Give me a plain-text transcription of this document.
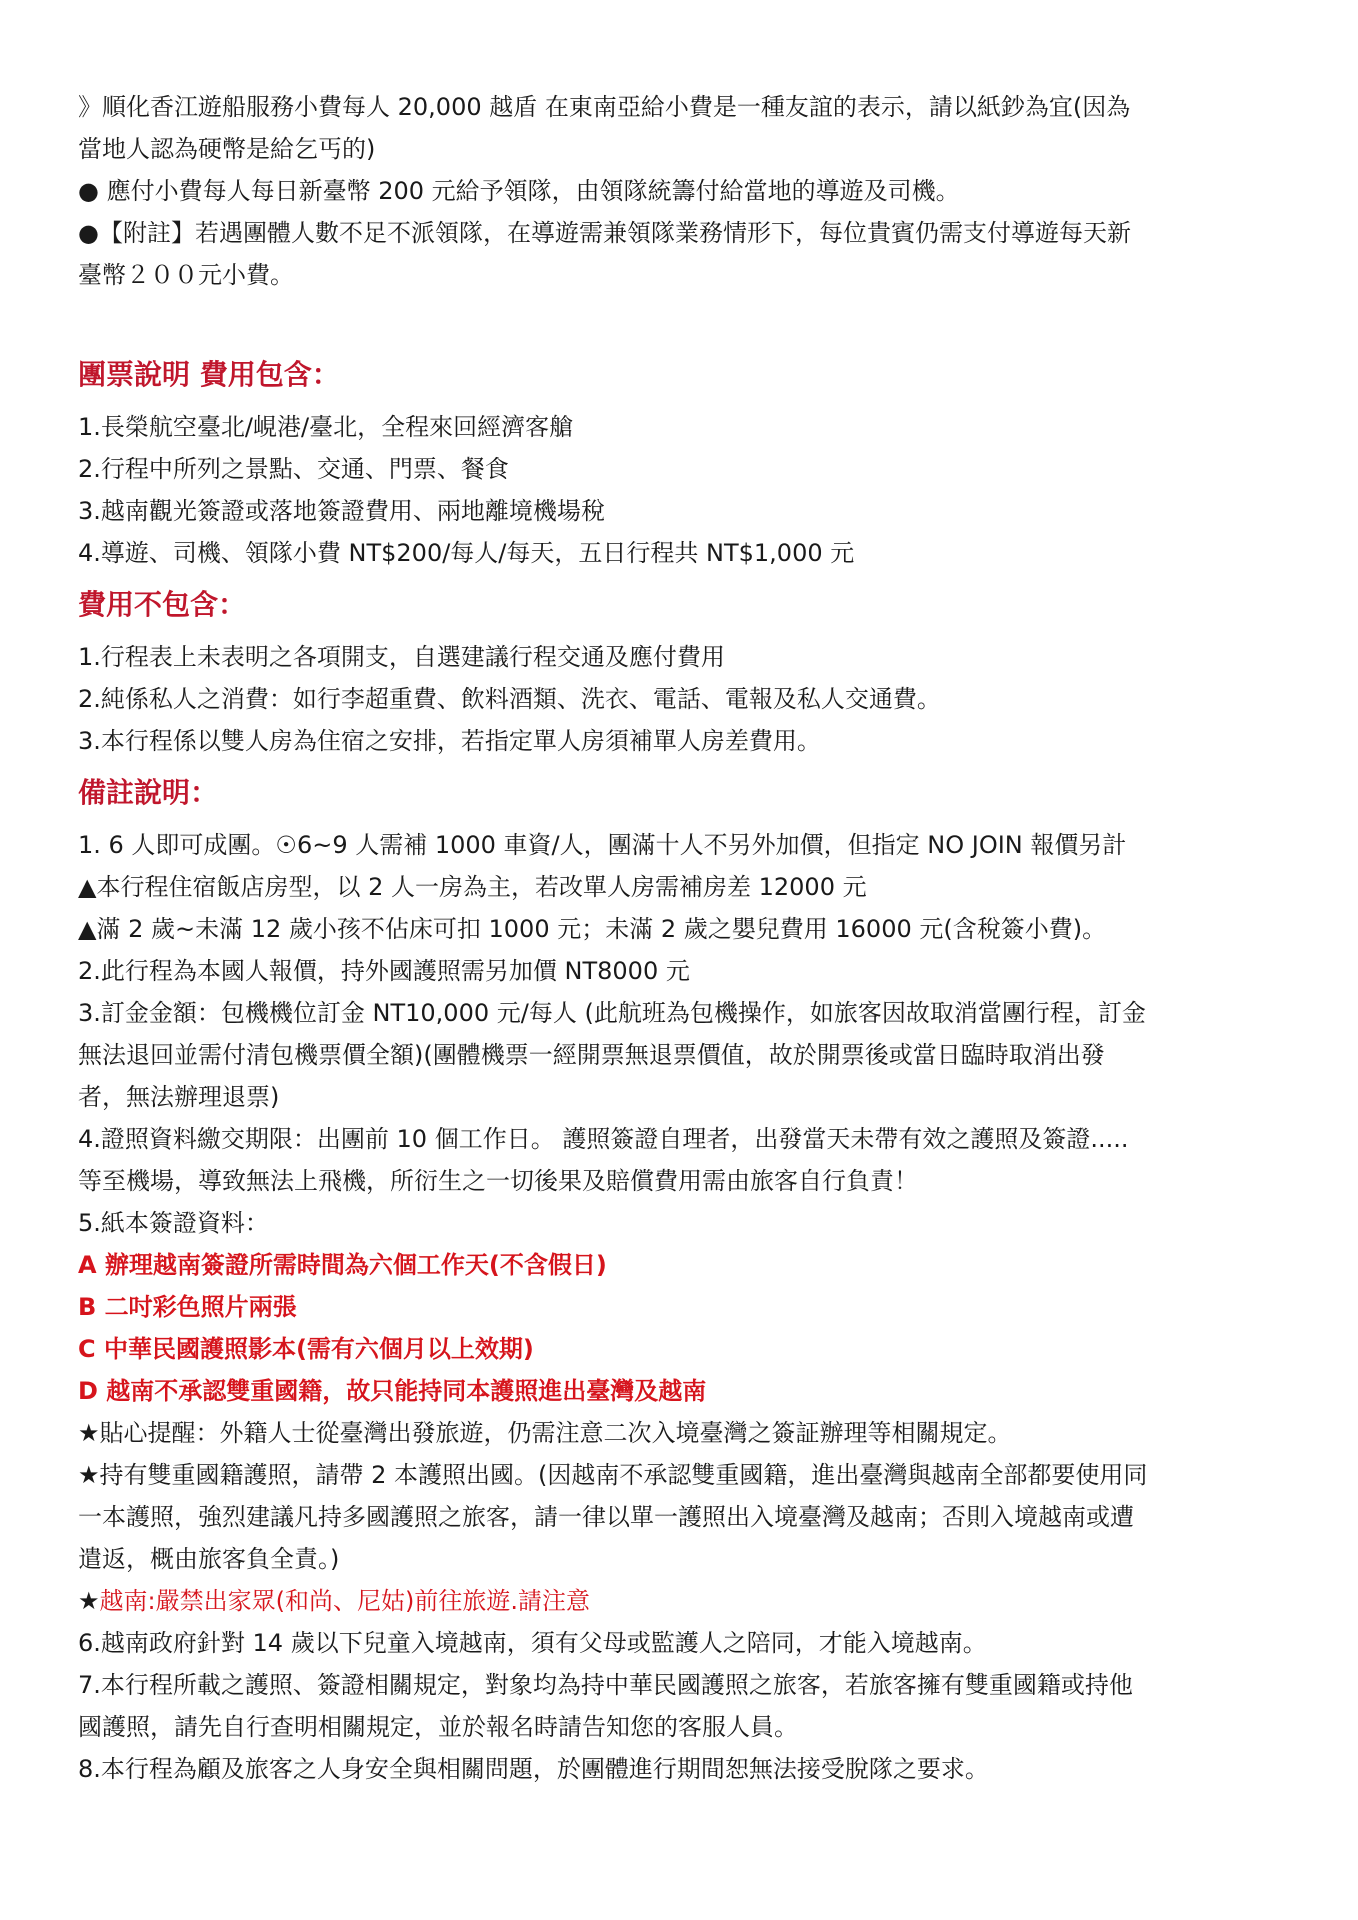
》順化香江遊船服務小費每人 20,000 越盾 在東南亞給小費是一種友誼的表示，請以紙鈔為宜(因為
當地人認為硬幣是給乞丐的)
● 應付小費每人每日新臺幣 200 元給予領隊，由領隊統籌付給當地的導遊及司機。
●【附註】若遇團體人數不足不派領隊，在導遊需兼領隊業務情形下，每位貴賓仍需支付導遊每天新
臺幣２００元小費。
團票說明 費用包含：
1.長榮航空臺北/峴港/臺北，全程來回經濟客艙
2.行程中所列之景點、交通、門票、餐食
3.越南觀光簽證或落地簽證費用、兩地離境機場稅
4.導遊、司機、領隊小費 NT$200/每人/每天，五日行程共 NT$1,000 元
費用不包含：
1.行程表上未表明之各項開支，自選建議行程交通及應付費用
2.純係私人之消費：如行李超重費、飲料酒類、洗衣、電話、電報及私人交通費。
3.本行程係以雙人房為住宿之安排，若指定單人房須補單人房差費用。
備註說明：
1. 6 人即可成團。☉6~9 人需補 1000 車資/人，團滿十人不另外加價，但指定 NO JOIN 報價另計
▲本行程住宿飯店房型，以 2 人一房為主，若改單人房需補房差 12000 元
▲滿 2 歲~未滿 12 歲小孩不佔床可扣 1000 元；未滿 2 歲之嬰兒費用 16000 元(含稅簽小費)。
2.此行程為本國人報價，持外國護照需另加價 NT8000 元
3.訂金金額：包機機位訂金 NT10,000 元/每人 (此航班為包機操作，如旅客因故取消當團行程，訂金
無法退回並需付清包機票價全額)(團體機票一經開票無退票價值，故於開票後或當日臨時取消出發
者，無法辦理退票)
4.證照資料繳交期限：出團前 10 個工作日。 護照簽證自理者，出發當天未帶有效之護照及簽證.....
等至機場，導致無法上飛機，所衍生之一切後果及賠償費用需由旅客自行負責！
5.紙本簽證資料：
A 辦理越南簽證所需時間為六個工作天(不含假日)
B 二吋彩色照片兩張
C 中華民國護照影本(需有六個月以上效期)
D 越南不承認雙重國籍，故只能持同本護照進出臺灣及越南
★貼心提醒：外籍人士從臺灣出發旅遊，仍需注意二次入境臺灣之簽証辦理等相關規定。
★持有雙重國籍護照，請帶 2 本護照出國。(因越南不承認雙重國籍，進出臺灣與越南全部都要使用同
一本護照，強烈建議凡持多國護照之旅客，請一律以單一護照出入境臺灣及越南；否則入境越南或遭
遣返，概由旅客負全責。)
★越南:嚴禁出家眾(和尚、尼姑)前往旅遊.請注意
6.越南政府針對 14 歲以下兒童入境越南，須有父母或監護人之陪同，才能入境越南。
7.本行程所載之護照、簽證相關規定，對象均為持中華民國護照之旅客，若旅客擁有雙重國籍或持他
國護照，請先自行查明相關規定，並於報名時請告知您的客服人員。
8.本行程為顧及旅客之人身安全與相關問題，於團體進行期間恕無法接受脫隊之要求。
